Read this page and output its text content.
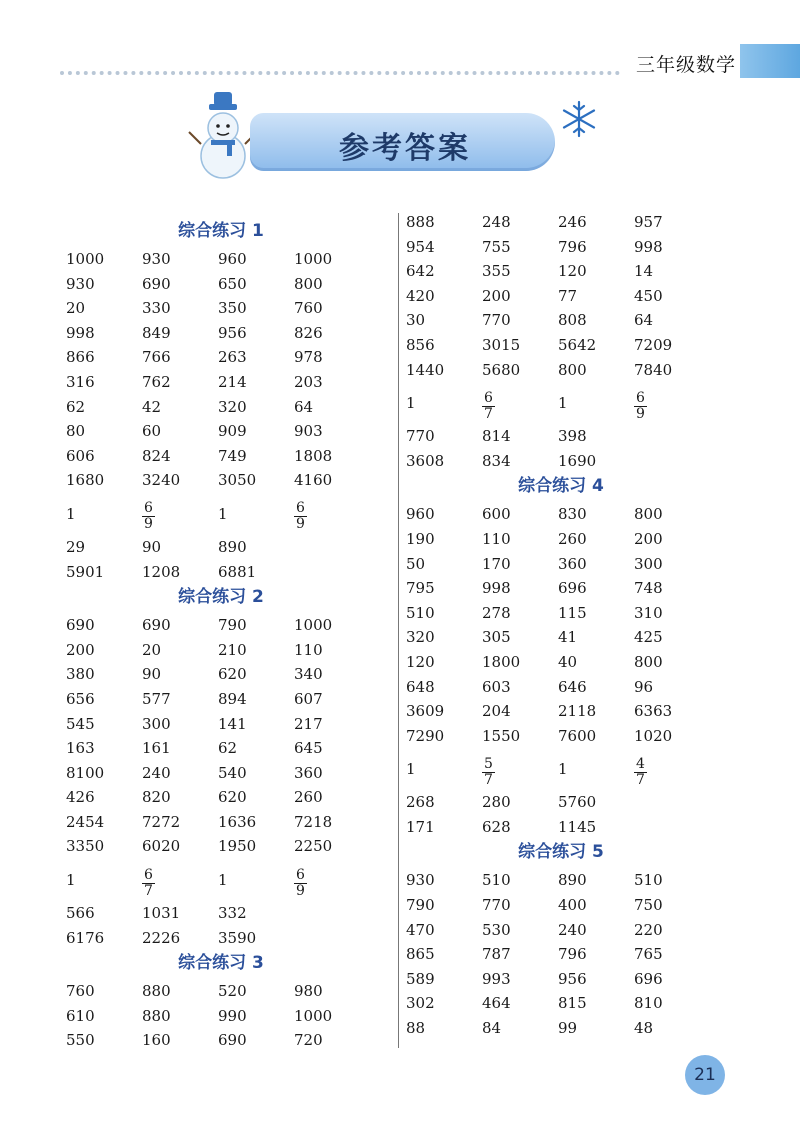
三年级数学
参考答案
综合练习 1
1000	930	960	1000
930	690	650	800
20	330	350	760
998	849	956	826
866	766	263	978
316	762	214	203
62	42	320	64
80	60	909	903
606	824	749	1808
1680	3240	3050	4160
1	$\frac{6}{9}$	1	$\frac{6}{9}$
29	90	890
5901	1208	6881
综合练习 2
690	690	790	1000
200	20	210	110
380	90	620	340
656	577	894	607
545	300	141	217
163	161	62	645
8100	240	540	360
426	820	620	260
2454	7272	1636	7218
3350	6020	1950	2250
1	$\frac{6}{7}$	1	$\frac{6}{9}$
566	1031	332
6176	2226	3590
综合练习 3
760	880	520	980
610	880	990	1000
550	160	690	720
888	248	246	957
954	755	796	998
642	355	120	14
420	200	77	450
30	770	808	64
856	3015	5642	7209
1440	5680	800	7840
1	$\frac{6}{7}$	1	$\frac{6}{9}$
770	814	398
3608	834	1690
综合练习 4
960	600	830	800
190	110	260	200
50	170	360	300
795	998	696	748
510	278	115	310
320	305	41	425
120	1800	40	800
648	603	646	96
3609	204	2118	6363
7290	1550	7600	1020
1	$\frac{5}{7}$	1	$\frac{4}{7}$
268	280	5760
171	628	1145
综合练习 5
930	510	890	510
790	770	400	750
470	530	240	220
865	787	796	765
589	993	956	696
302	464	815	810
88	84	99	48
21
